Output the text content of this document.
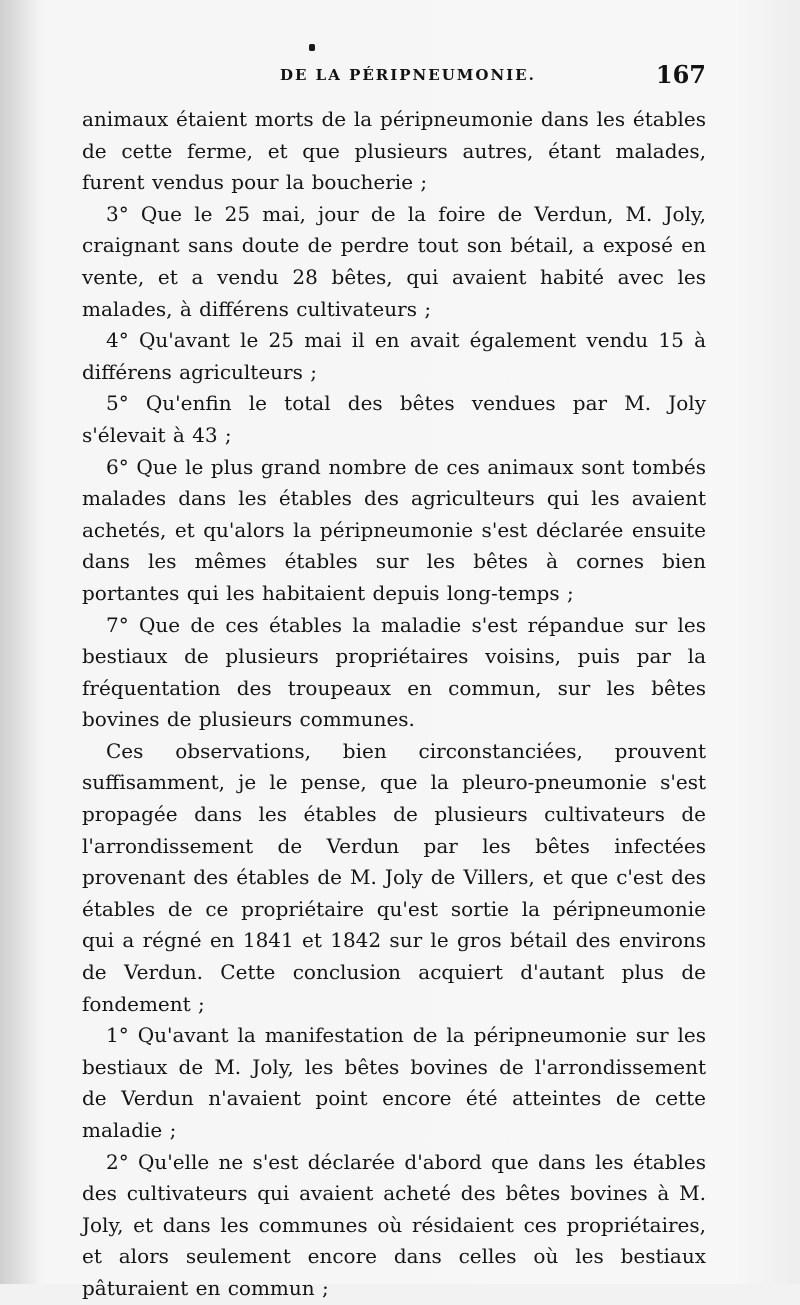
DE LA PÉRIPNEUMONIE.	167

animaux étaient morts de la péripneumonie dans les étables de cette ferme, et que plusieurs autres, étant malades, furent vendus pour la boucherie ;

3° Que le 25 mai, jour de la foire de Verdun, M. Joly, craignant sans doute de perdre tout son bétail, a exposé en vente, et a vendu 28 bêtes, qui avaient habité avec les malades, à différens cultivateurs ;

4° Qu'avant le 25 mai il en avait également vendu 15 à différens agriculteurs ;

5° Qu'enfin le total des bêtes vendues par M. Joly s'élevait à 43 ;

6° Que le plus grand nombre de ces animaux sont tombés malades dans les étables des agriculteurs qui les avaient achetés, et qu'alors la péripneumonie s'est déclarée ensuite dans les mêmes étables sur les bêtes à cornes bien portantes qui les habitaient depuis long-temps ;

7° Que de ces étables la maladie s'est répandue sur les bestiaux de plusieurs propriétaires voisins, puis par la fréquentation des troupeaux en commun, sur les bêtes bovines de plusieurs communes.

Ces observations, bien circonstanciées, prouvent suffisamment, je le pense, que la pleuro-pneumonie s'est propagée dans les étables de plusieurs cultivateurs de l'arrondissement de Verdun par les bêtes infectées provenant des étables de M. Joly de Villers, et que c'est des étables de ce propriétaire qu'est sortie la péripneumonie qui a régné en 1841 et 1842 sur le gros bétail des environs de Verdun. Cette conclusion acquiert d'autant plus de fondement ;

1° Qu'avant la manifestation de la péripneumonie sur les bestiaux de M. Joly, les bêtes bovines de l'arrondissement de Verdun n'avaient point encore été atteintes de cette maladie ;

2° Qu'elle ne s'est déclarée d'abord que dans les étables des cultivateurs qui avaient acheté des bêtes bovines à M. Joly, et dans les communes où résidaient ces propriétaires, et alors seulement encore dans celles où les bestiaux pâturaient en commun ;
